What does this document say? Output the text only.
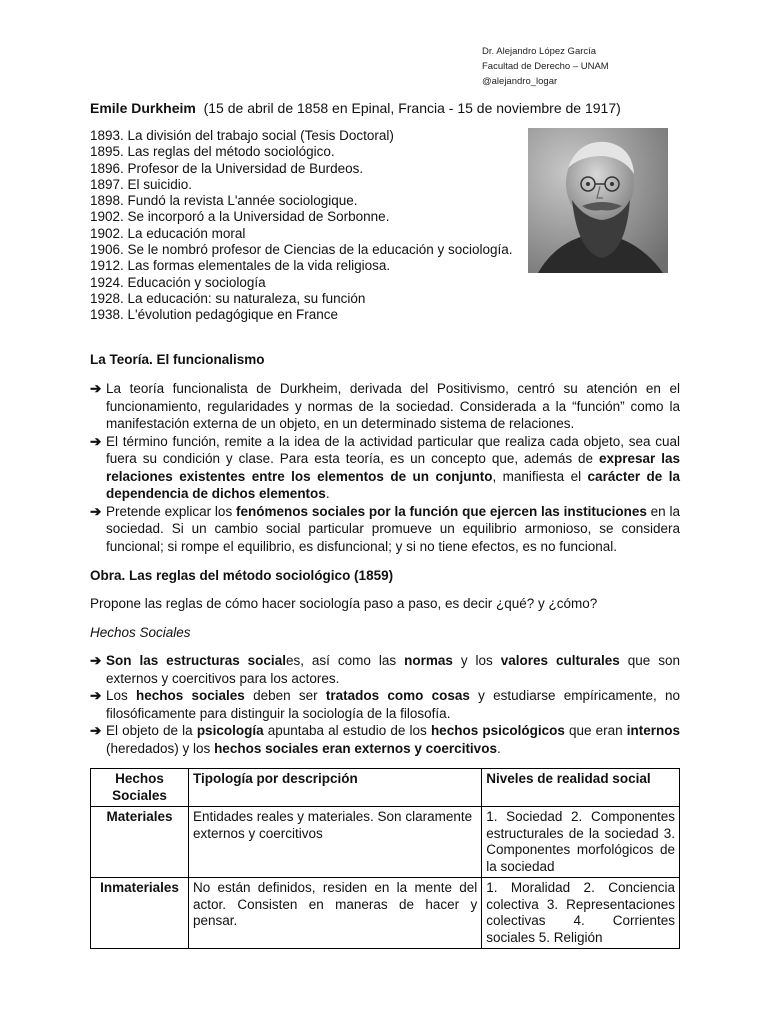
Dr. Alejandro López García
Facultad de Derecho – UNAM
@alejandro_logar
Emile Durkheim (15 de abril de 1858 en Epinal, Francia - 15 de noviembre de 1917)
1893. La división del trabajo social (Tesis Doctoral)
1895. Las reglas del método sociológico.
1896. Profesor de la Universidad de Burdeos.
1897. El suicidio.
1898. Fundó la revista L'année sociologique.
1902. Se incorporó a la Universidad de Sorbonne.
1902. La educación moral
1906. Se le nombró profesor de Ciencias de la educación y sociología.
1912. Las formas elementales de la vida religiosa.
1924. Educación y sociología
1928. La educación: su naturaleza, su función
1938. L'évolution pedagógique en France
La Teoría. El funcionalismo
➔ La teoría funcionalista de Durkheim, derivada del Positivismo, centró su atención en el funcionamiento, regularidades y normas de la sociedad. Considerada a la “función” como la manifestación externa de un objeto, en un determinado sistema de relaciones.
➔ El término función, remite a la idea de la actividad particular que realiza cada objeto, sea cual fuera su condición y clase. Para esta teoría, es un concepto que, además de expresar las relaciones existentes entre los elementos de un conjunto, manifiesta el carácter de la dependencia de dichos elementos.
➔ Pretende explicar los fenómenos sociales por la función que ejercen las instituciones en la sociedad. Si un cambio social particular promueve un equilibrio armonioso, se considera funcional; si rompe el equilibrio, es disfuncional; y si no tiene efectos, es no funcional.
Obra. Las reglas del método sociológico (1859)
Propone las reglas de cómo hacer sociología paso a paso, es decir ¿qué? y ¿cómo?
Hechos Sociales
➔ Son las estructuras sociales, así como las normas y los valores culturales que son externos y coercitivos para los actores.
➔ Los hechos sociales deben ser tratados como cosas y estudiarse empíricamente, no filosóficamente para distinguir la sociología de la filosofía.
➔ El objeto de la psicología apuntaba al estudio de los hechos psicológicos que eran internos (heredados) y los hechos sociales eran externos y coercitivos.
Hechos Sociales	Tipología por descripción	Niveles de realidad social
Materiales	Entidades reales y materiales. Son claramente externos y coercitivos	1. Sociedad 2. Componentes estructurales de la sociedad 3. Componentes morfológicos de la sociedad
Inmateriales	No están definidos, residen en la mente del actor. Consisten en maneras de hacer y pensar.	1. Moralidad 2. Conciencia colectiva 3. Representaciones colectivas 4. Corrientes sociales 5. Religión
